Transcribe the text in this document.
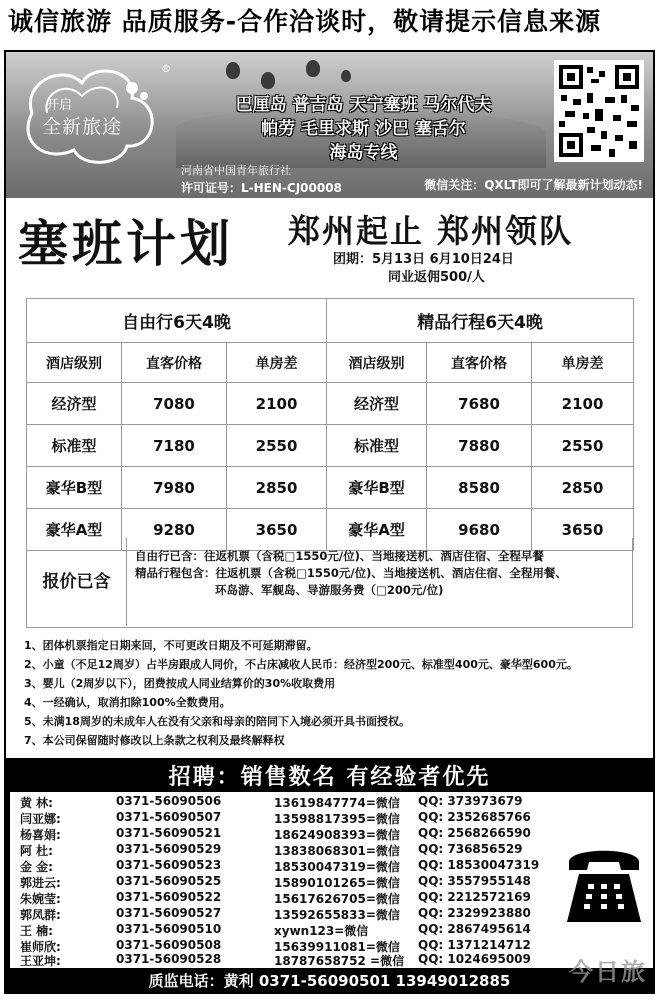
诚信旅游 品质服务-合作洽谈时，敬请提示信息来源
开启
全新旅途
®
巴厘岛 普吉岛 天宁塞班 马尔代夫
帕劳 毛里求斯 沙巴 塞舌尔
海岛专线
河南省中国青年旅行社
许可证号：L-HEN-CJ00008	微信关注：QXLT即可了解最新计划动态!
塞班计划 郑州起止 郑州领队
团期：5月13日 6月10日24日
同业返佣500/人
自由行6天4晚			精品行程6天4晚		
酒店级别	直客价格	单房差	酒店级别	直客价格	单房差
经济型	7080	2100	经济型	7680	2100
标准型	7180	2550	标准型	7880	2550
豪华B型	7980	2850	豪华B型	8580	2850
豪华A型	9280	3650	豪华A型	9680	3650
报价已含
自由行已含：往返机票（含税□1550元/位)、当地接送机、酒店住宿、全程早餐
精品行程包含：往返机票（含税□1550元/位)、当地接送机、酒店住宿、全程用餐、
环岛游、军舰岛、导游服务费（□200元/位)
1、团体机票指定日期来回，不可更改日期及不可延期滞留。
2、小童（不足12周岁）占半房跟成人同价，不占床减收人民币：经济型200元、标准型400元、豪华型600元。
3、婴儿（2周岁以下），团费按成人同业结算价的30%收取费用
4、一经确认，取消扣除100%全数费用。
5、未满18周岁的未成年人在没有父亲和母亲的陪同下入境必须开具书面授权。
7、本公司保留随时修改以上条款之权利及最终解释权
招聘：销售数名 有经验者优先
黄 林:	0371-56090506	13619847774=微信 QQ: 373973679
闫亚娜:	0371-56090507	13598817395=微信 QQ: 2352685766
杨喜娟:	0371-56090521	18624908393=微信 QQ: 2568266590
阿 杜:	0371-56090529	13838068301=微信 QQ: 736856529
金 金:	0371-56090523	18530047319=微信 QQ: 18530047319
郭进云:	0371-56090525	15890101265=微信 QQ: 3557955148
朱婉莹:	0371-56090522	15617626705=微信 QQ: 2212572169
郭凤群:	0371-56090527	13592655833=微信 QQ: 2329923880
王 楠:	0371-56090510	xywn123=微信	QQ: 2867495614
崔师欣:	0371-56090508	15639911081=微信 QQ: 1371214712
王亚坤:	0371-56090528	18787658752 =微信 QQ: 1024695009 今日旅
质监电话：黄利 0371-56090501 13949012885
